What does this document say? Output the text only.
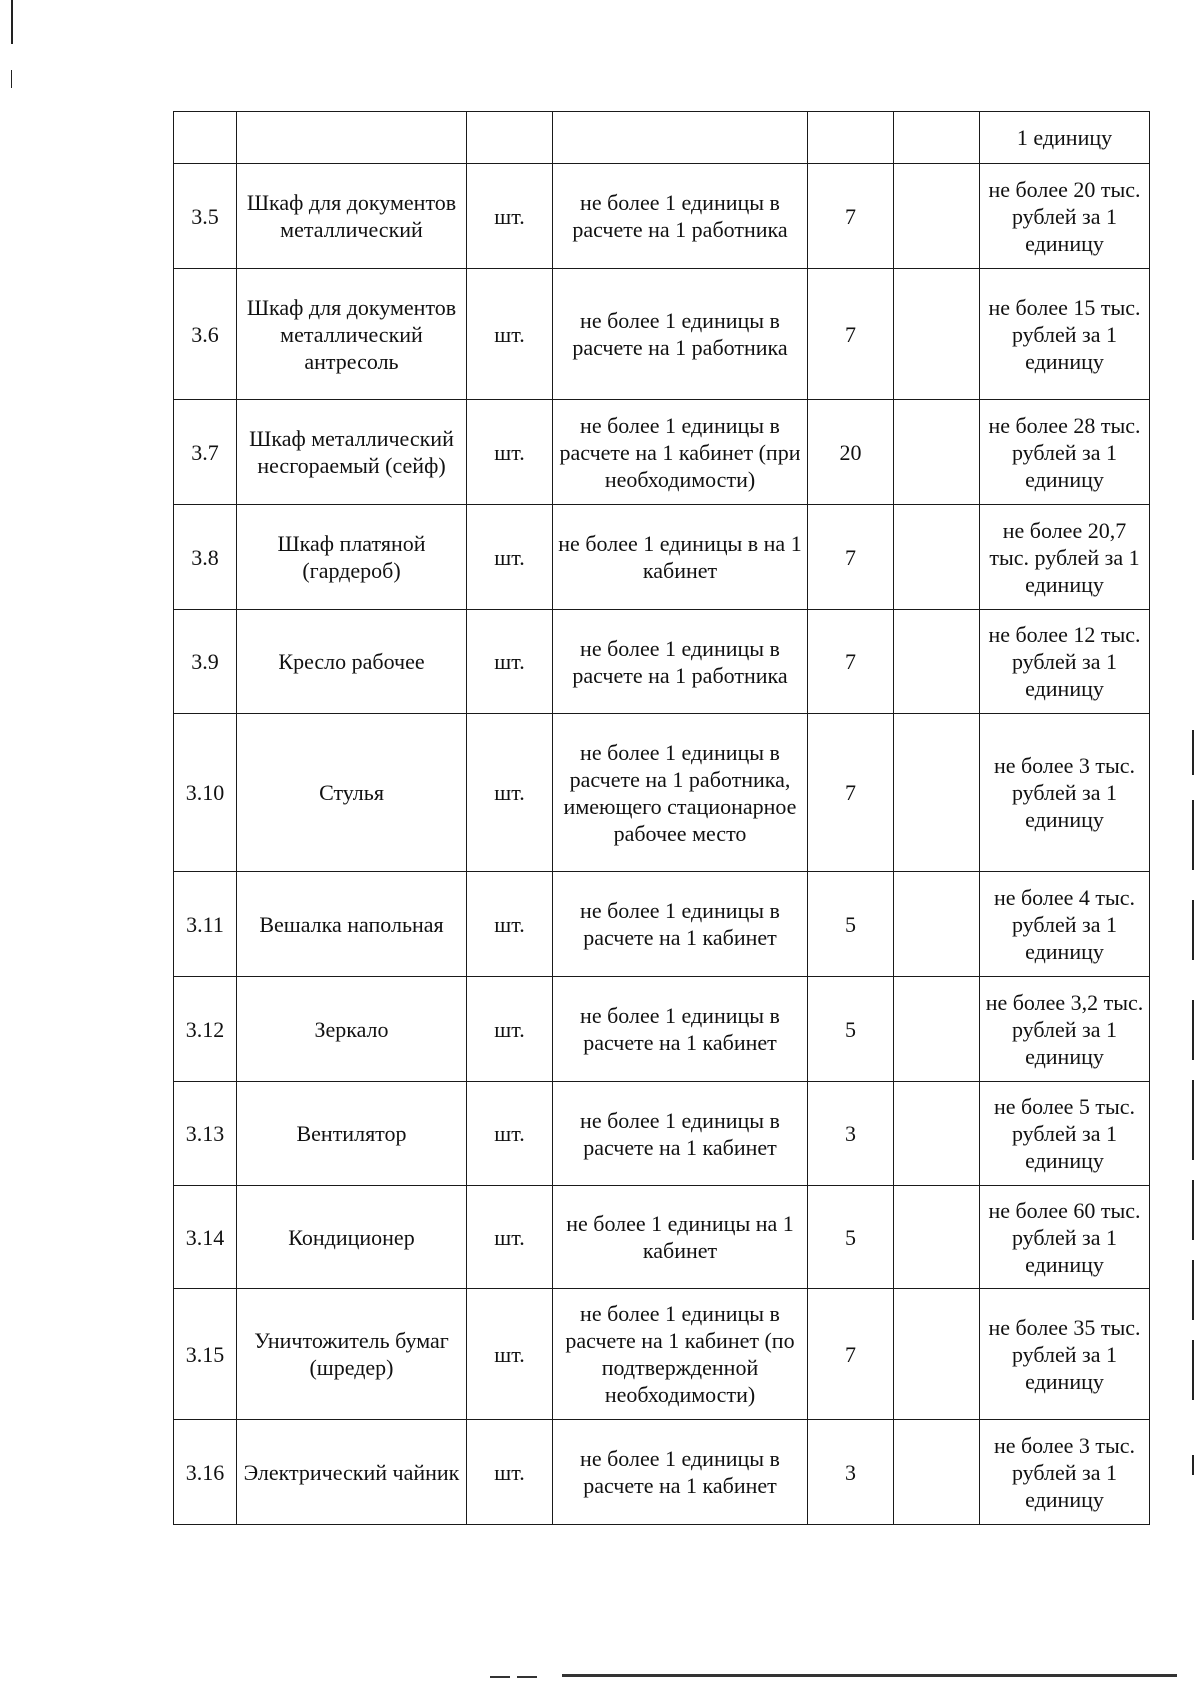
						1 единицу
3.5	Шкаф для документов металлический	шт.	не более 1 единицы в расчете на 1 работника	7		не более 20 тыс. рублей за 1 единицу
3.6	Шкаф для документов металлический антресоль	шт.	не более 1 единицы в расчете на 1 работника	7		не более 15 тыс. рублей за 1 единицу
3.7	Шкаф металлический несгораемый (сейф)	шт.	не более 1 единицы в расчете на 1 кабинет (при необходимости)	20		не более 28 тыс. рублей за 1 единицу
3.8	Шкаф платяной (гардероб)	шт.	не более 1 единицы в на 1 кабинет	7		не более 20,7 тыс. рублей за 1 единицу
3.9	Кресло рабочее	шт.	не более 1 единицы в расчете на 1 работника	7		не более 12 тыс. рублей за 1 единицу
3.10	Стулья	шт.	не более 1 единицы в расчете на 1 работника, имеющего стационарное рабочее место	7		не более 3 тыс. рублей за 1 единицу
3.11	Вешалка напольная	шт.	не более 1 единицы в расчете на 1 кабинет	5		не более 4 тыс. рублей за 1 единицу
3.12	Зеркало	шт.	не более 1 единицы в расчете на 1 кабинет	5		не более 3,2 тыс. рублей за 1 единицу
3.13	Вентилятор	шт.	не более 1 единицы в расчете на 1 кабинет	3		не более 5 тыс. рублей за 1 единицу
3.14	Кондиционер	шт.	не более 1 единицы на 1 кабинет	5		не более 60 тыс. рублей за 1 единицу
3.15	Уничтожитель бумаг (шредер)	шт.	не более 1 единицы в расчете на 1 кабинет (по подтвержденной необходимости)	7		не более 35 тыс. рублей за 1 единицу
3.16	Электрический чайник	шт.	не более 1 единицы в расчете на 1 кабинет	3		не более 3 тыс. рублей за 1 единицу
